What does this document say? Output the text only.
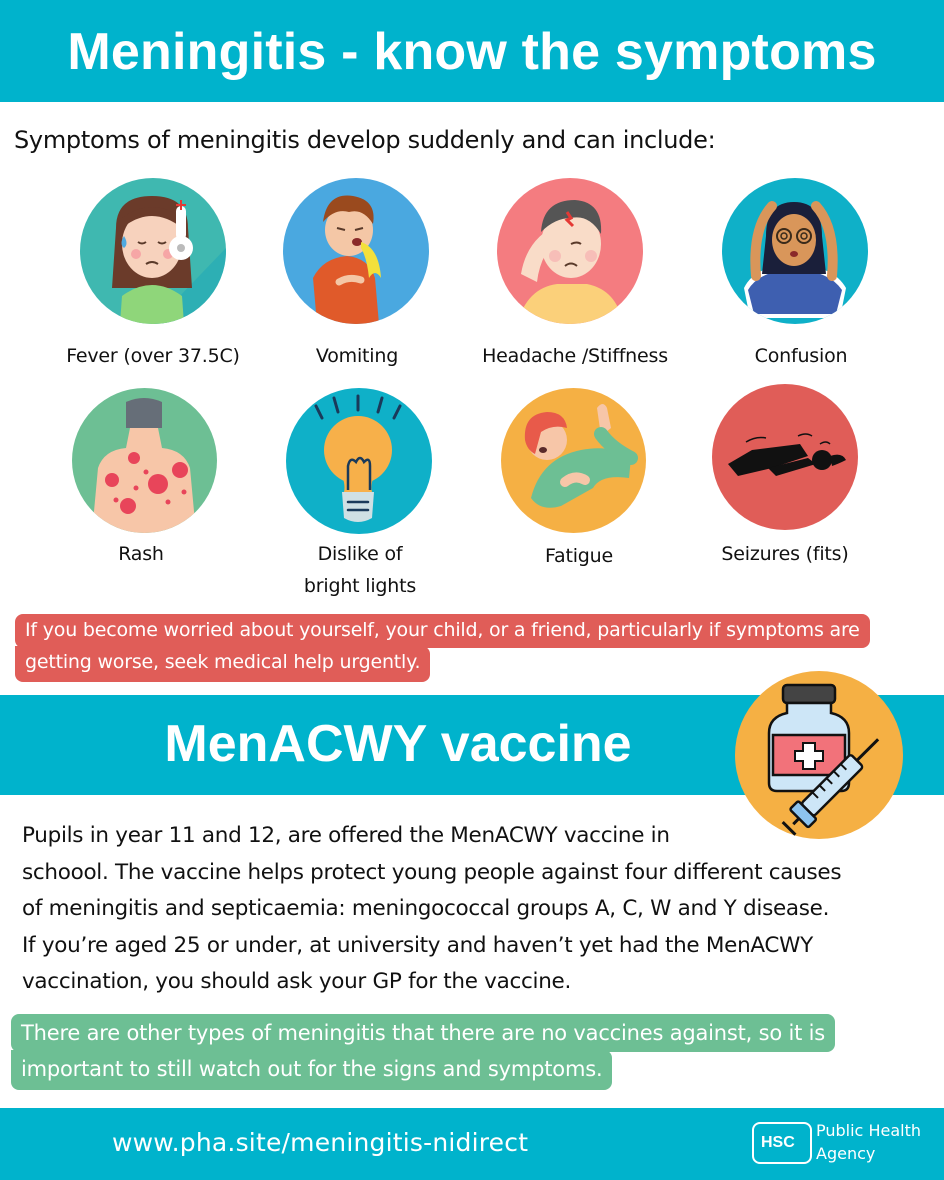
Meningitis - know the symptoms

Symptoms of meningitis develop suddenly and can include:

Fever (over 37.5C)	Vomiting	Headache /Stiffness	Confusion
Rash	Dislike of
bright lights
Fatigue	Seizures (fits)
If you become worried about yourself, your child, or a friend, particularly if symptoms are
getting worse, seek medical help urgently.
MenACWY vaccine
Pupils in year 11 and 12, are offered the MenACWY vaccine in
schoool. The vaccine helps protect young people against four different causes
of meningitis and septicaemia: meningococcal groups A, C, W and Y disease.
If you’re aged 25 or under, at university and haven’t yet had the MenACWY
vaccination, you should ask your GP for the vaccine.
There are other types of meningitis that there are no vaccines against, so it is
important to still watch out for the signs and symptoms.
www.pha.site/meningitis-nidirect	HSC
Public Health
Agency
